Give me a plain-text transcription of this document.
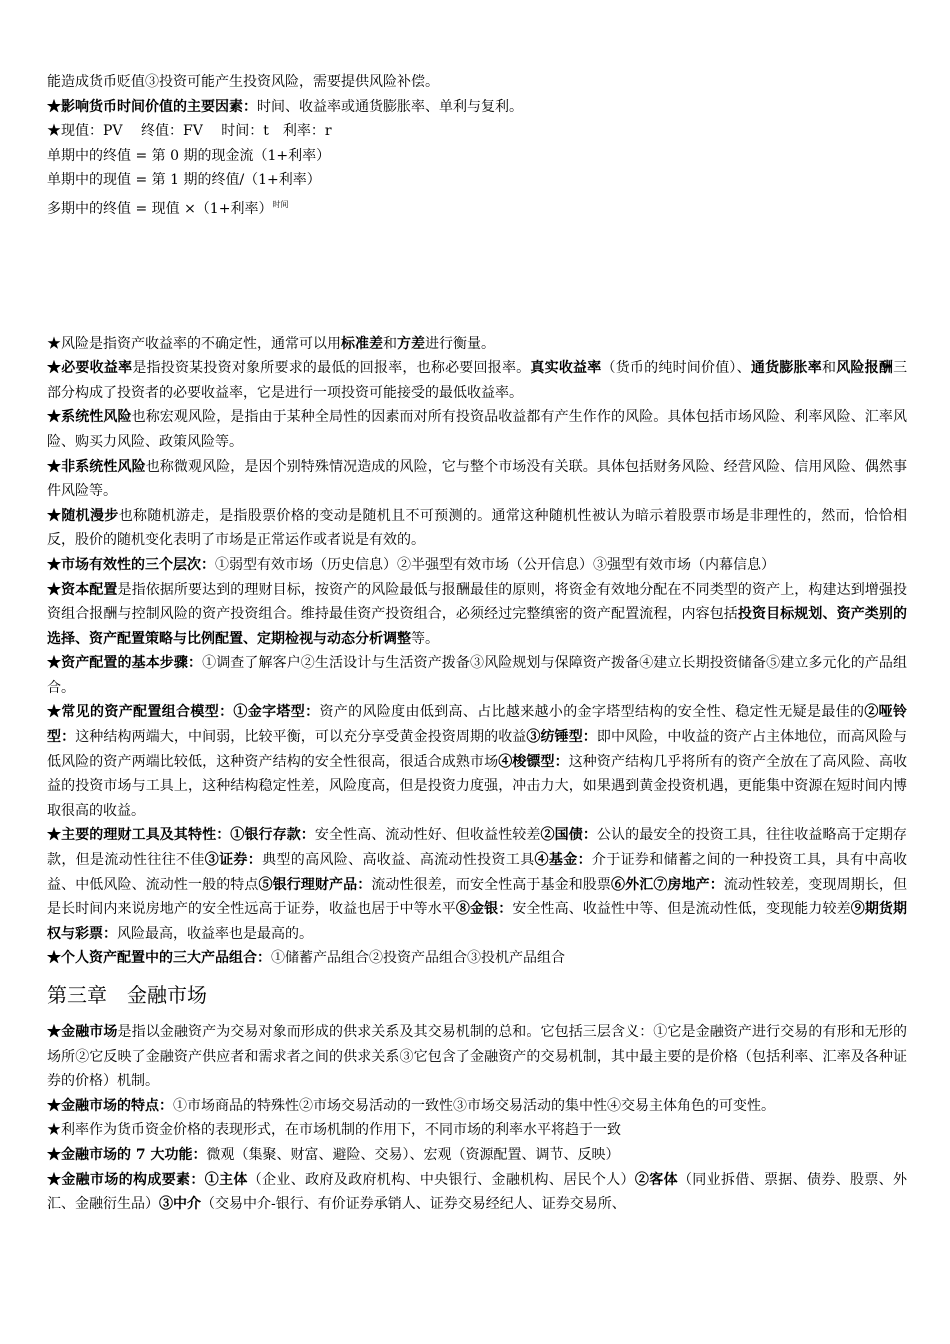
能造成货币贬值③投资可能产生投资风险，需要提供风险补偿。

★影响货币时间价值的主要因素：时间、收益率或通货膨胀率、单利与复利。

★现值：PV　 终值：FV　 时间：t　利率：r

单期中的终值 = 第 0 期的现金流（1+利率）

单期中的现值 = 第 1 期的终值/（1+利率）

多期中的终值 = 现值 ×（1+利率）$^{时间}$

★风险是指资产收益率的不确定性，通常可以用标准差和方差进行衡量。

★必要收益率是指投资某投资对象所要求的最低的回报率，也称必要回报率。真实收益率（货币的纯时间价值）、通货膨胀率和风险报酬三部分构成了投资者的必要收益率，它是进行一项投资可能接受的最低收益率。

★系统性风险也称宏观风险，是指由于某种全局性的因素而对所有投资品收益都有产生作作的风险。具体包括市场风险、利率风险、汇率风险、购买力风险、政策风险等。

★非系统性风险也称微观风险，是因个别特殊情况造成的风险，它与整个市场没有关联。具体包括财务风险、经营风险、信用风险、偶然事件风险等。

★随机漫步也称随机游走，是指股票价格的变动是随机且不可预测的。通常这种随机性被认为暗示着股票市场是非理性的，然而，恰恰相反，股价的随机变化表明了市场是正常运作或者说是有效的。

★市场有效性的三个层次：①弱型有效市场（历史信息）②半强型有效市场（公开信息）③强型有效市场（内幕信息）

★资本配置是指依据所要达到的理财目标，按资产的风险最低与报酬最佳的原则，将资金有效地分配在不同类型的资产上，构建达到增强投资组合报酬与控制风险的资产投资组合。维持最佳资产投资组合，必须经过完整缜密的资产配置流程，内容包括投资目标规划、资产类别的选择、资产配置策略与比例配置、定期检视与动态分析调整等。

★资产配置的基本步骤：①调查了解客户②生活设计与生活资产拨备③风险规划与保障资产拨备④建立长期投资储备⑤建立多元化的产品组合。

★常见的资产配置组合模型：①金字塔型：资产的风险度由低到高、占比越来越小的金字塔型结构的安全性、稳定性无疑是最佳的②哑铃型：这种结构两端大，中间弱，比较平衡，可以充分享受黄金投资周期的收益③纺锤型：即中风险，中收益的资产占主体地位，而高风险与低风险的资产两端比较低，这种资产结构的安全性很高，很适合成熟市场④梭镖型：这种资产结构几乎将所有的资产全放在了高风险、高收益的投资市场与工具上，这种结构稳定性差，风险度高，但是投资力度强，冲击力大，如果遇到黄金投资机遇，更能集中资源在短时间内博取很高的收益。

★主要的理财工具及其特性：①银行存款：安全性高、流动性好、但收益性较差②国债：公认的最安全的投资工具，往往收益略高于定期存款，但是流动性往往不佳③证券：典型的高风险、高收益、高流动性投资工具④基金：介于证券和储蓄之间的一种投资工具，具有中高收益、中低风险、流动性一般的特点⑤银行理财产品：流动性很差，而安全性高于基金和股票⑥外汇⑦房地产：流动性较差，变现周期长，但是长时间内来说房地产的安全性远高于证券，收益也居于中等水平⑧金银：安全性高、收益性中等、但是流动性低，变现能力较差⑨期货期权与彩票：风险最高，收益率也是最高的。

★个人资产配置中的三大产品组合：①储蓄产品组合②投资产品组合③投机产品组合

第三章 金融市场

★金融市场是指以金融资产为交易对象而形成的供求关系及其交易机制的总和。它包括三层含义：①它是金融资产进行交易的有形和无形的场所②它反映了金融资产供应者和需求者之间的供求关系③它包含了金融资产的交易机制，其中最主要的是价格（包括利率、汇率及各种证券的价格）机制。

★金融市场的特点：①市场商品的特殊性②市场交易活动的一致性③市场交易活动的集中性④交易主体角色的可变性。

★利率作为货币资金价格的表现形式，在市场机制的作用下，不同市场的利率水平将趋于一致

★金融市场的 7 大功能：微观（集聚、财富、避险、交易）、宏观（资源配置、调节、反映）

★金融市场的构成要素：①主体（企业、政府及政府机构、中央银行、金融机构、居民个人）②客体（同业拆借、票据、债券、股票、外汇、金融衍生品）③中介（交易中介-银行、有价证券承销人、证券交易经纪人、证券交易所、
